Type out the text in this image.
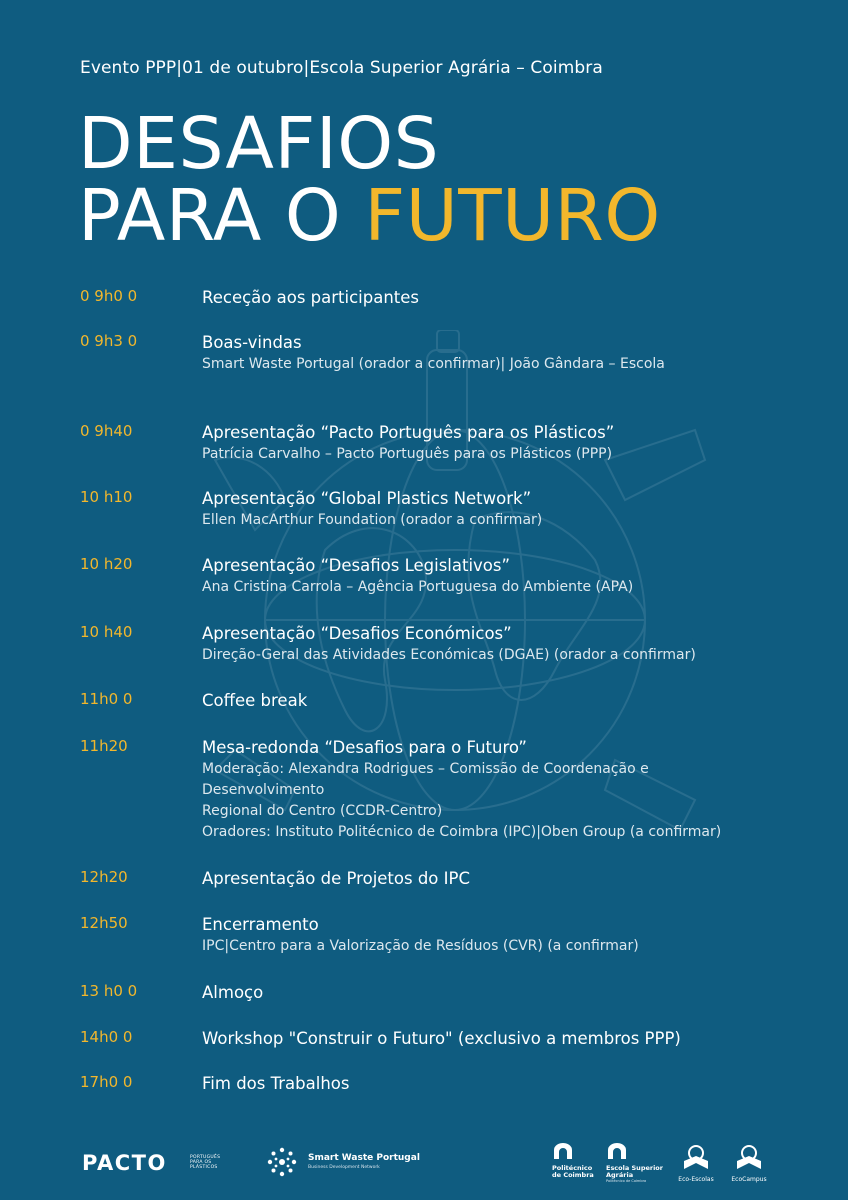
Evento PPP|01 de outubro|Escola Superior Agrária – Coimbra
DESAFIOS
PARA O FUTURO
0 9h0 0	Receção aos participantes
0 9h3 0	Boas-vindas
Smart Waste Portugal (orador a confirmar)| João Gândara – Escola
0 9h40	Apresentação “Pacto Português para os Plásticos”
Patrícia Carvalho – Pacto Português para os Plásticos (PPP)
10 h10	Apresentação “Global Plastics Network”
Ellen MacArthur Foundation (orador a confirmar)
10 h20	Apresentação “Desafios Legislativos”
Ana Cristina Carrola – Agência Portuguesa do Ambiente (APA)
10 h40	Apresentação “Desafios Económicos”
Direção-Geral das Atividades Económicas (DGAE) (orador a confirmar)
11h0 0	Coffee break
11h20	Mesa-redonda “Desafios para o Futuro”
Moderação: Alexandra Rodrigues – Comissão de Coordenação e
Desenvolvimento
Regional do Centro (CCDR-Centro)
Oradores: Instituto Politécnico de Coimbra (IPC)|Oben Group (a confirmar)
12h20	Apresentação de Projetos do IPC
12h50	Encerramento
IPC|Centro para a Valorização de Resíduos (CVR) (a confirmar)
13 h0 0	Almoço
14h0 0	Workshop "Construir o Futuro" (exclusivo a membros PPP)
17h0 0	Fim dos Trabalhos
PACTO	PORTUGUÊS
PARA OS
PLÁSTICOS
Smart Waste Portugal
Business Development Network	Politécnico
de Coimbra
Escola Superior
Agrária
Politécnico de Coimbra	Eco-Escolas	EcoCampus
